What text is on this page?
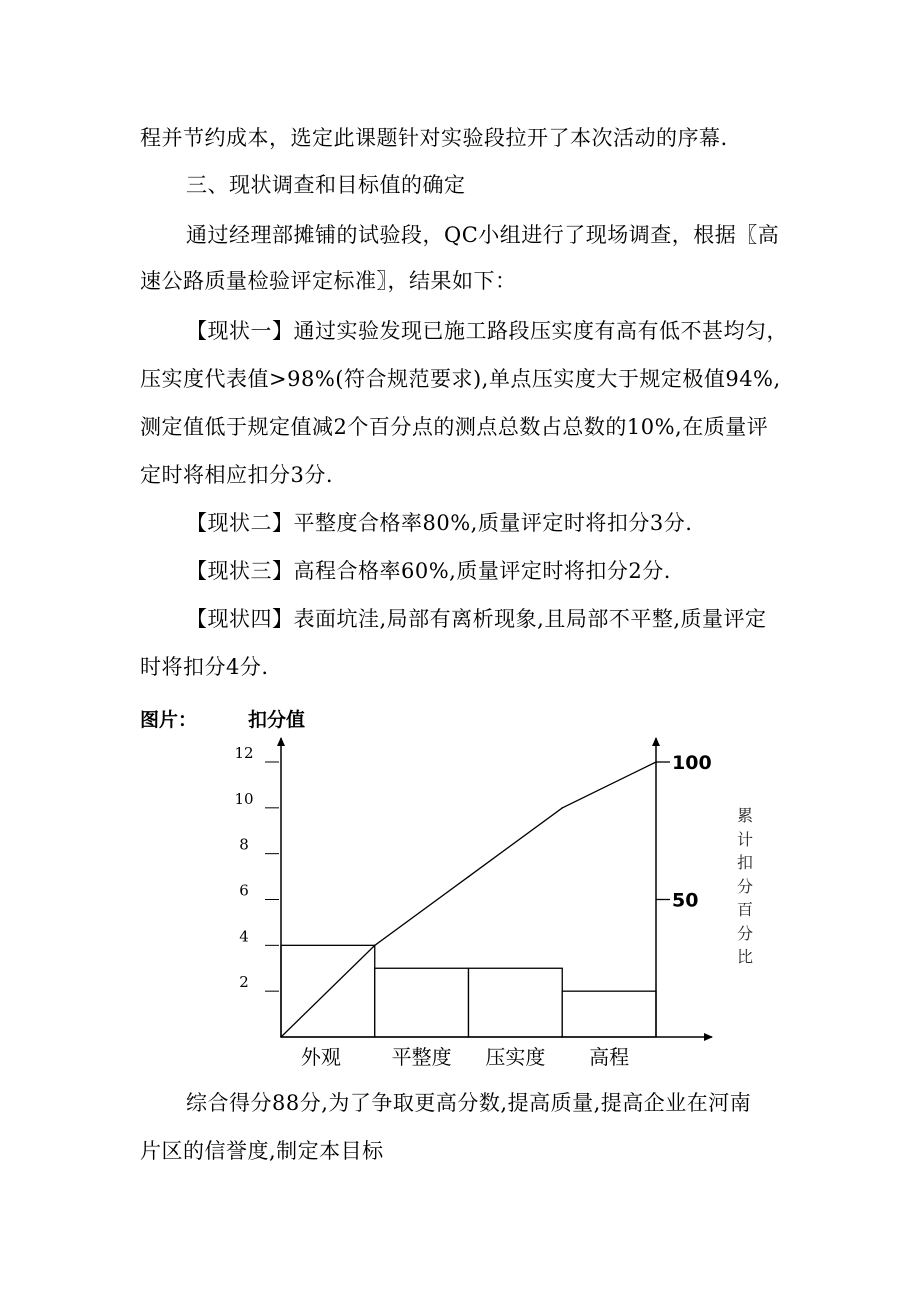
程并节约成本，选定此课题针对实验段拉开了本次活动的序幕.
三、现状调查和目标值的确定
通过经理部摊铺的试验段，QC小组进行了现场调查，根据〖高
速公路质量检验评定标准〗，结果如下：
【现状一】通过实验发现已施工路段压实度有高有低不甚均匀，
压实度代表值>98%(符合规范要求),单点压实度大于规定极值94%,
测定值低于规定值减2个百分点的测点总数占总数的10%,在质量评
定时将相应扣分3分.
【现状二】平整度合格率80%,质量评定时将扣分3分.
【现状三】高程合格率60%,质量评定时将扣分2分.
【现状四】表面坑洼,局部有离析现象,且局部不平整,质量评定
时将扣分4分.
图片：	扣分值
2
4
6
8
10
12
50
100
外观	平整度 压实度 高程
累计扣分百分比
综合得分88分,为了争取更高分数,提高质量,提高企业在河南
片区的信誉度,制定本目标
